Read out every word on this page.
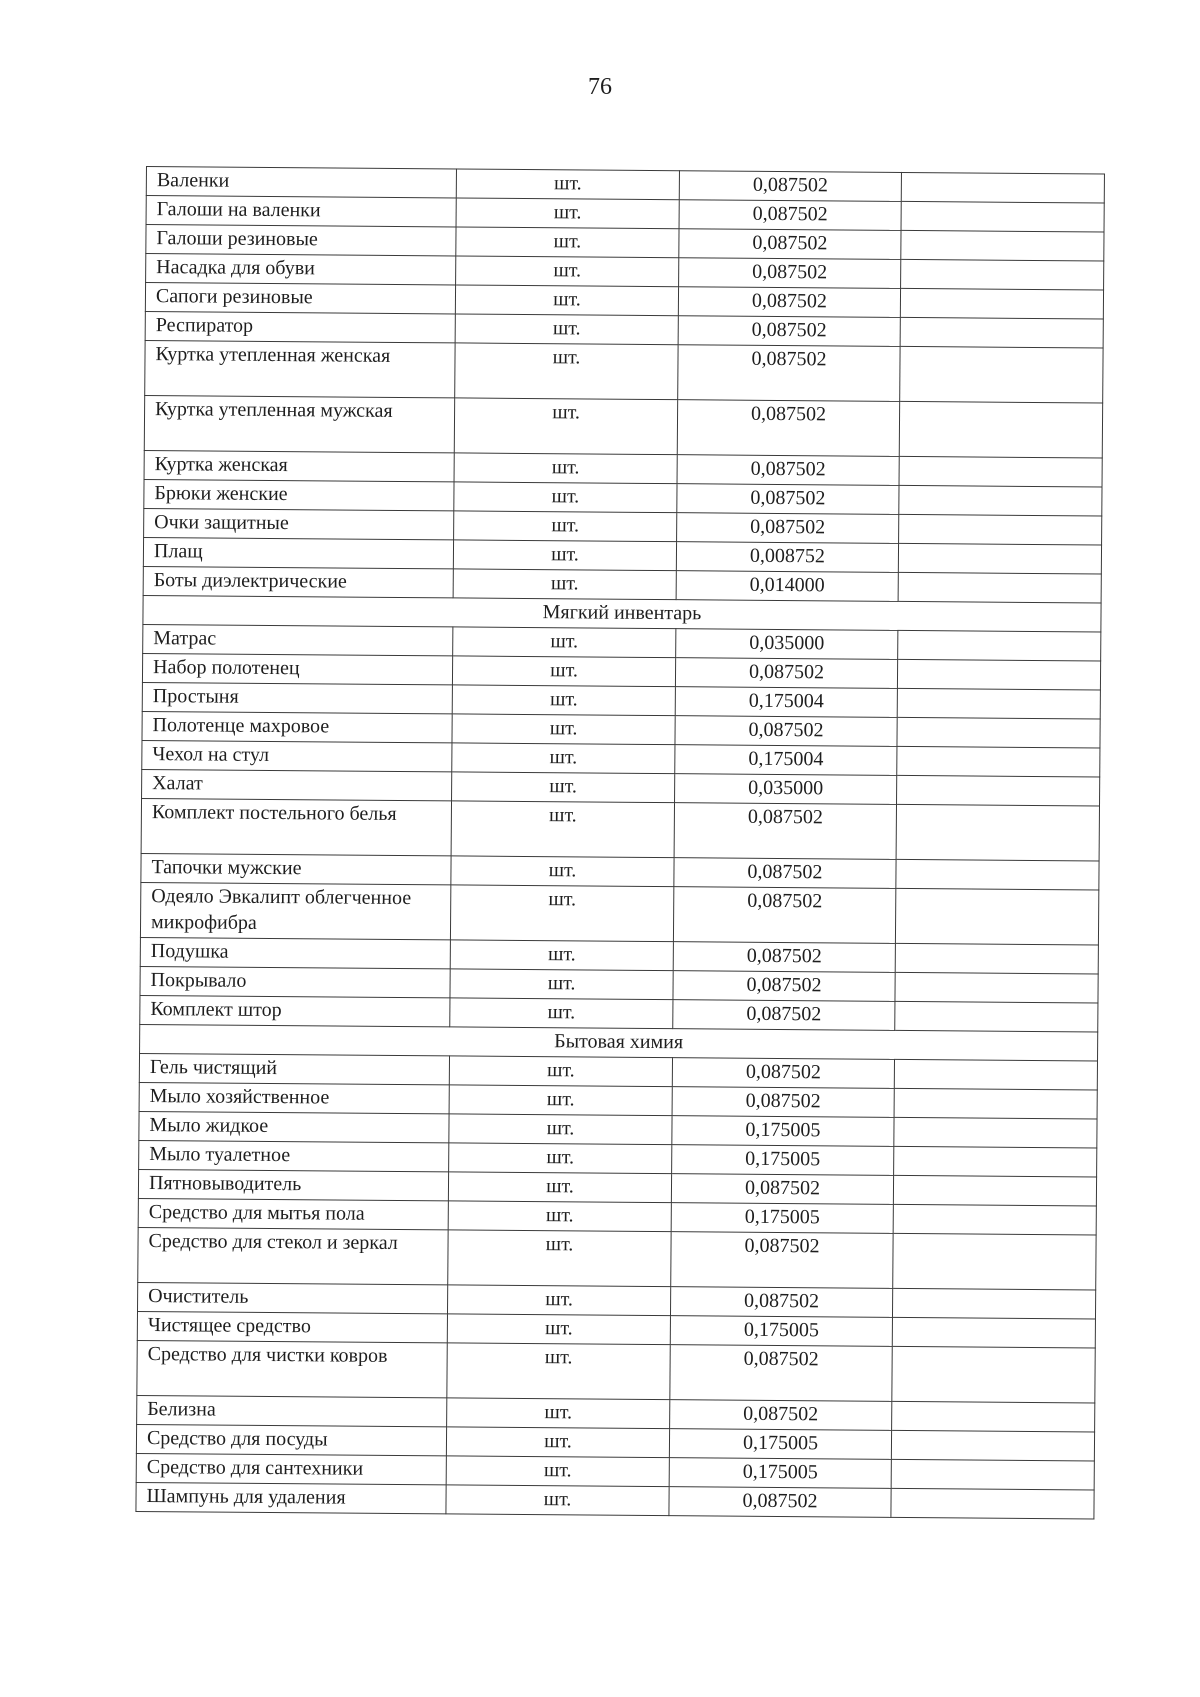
76
Валенки	шт.	0,087502	
Галоши на валенки	шт.	0,087502	
Галоши резиновые	шт.	0,087502	
Насадка для обуви	шт.	0,087502	
Сапоги резиновые	шт.	0,087502	
Респиратор	шт.	0,087502	
Куртка утепленная женская	шт.	0,087502	
Куртка утепленная мужская	шт.	0,087502	
Куртка женская	шт.	0,087502	
Брюки женские	шт.	0,087502	
Очки защитные	шт.	0,087502	
Плащ	шт.	0,008752	
Боты диэлектрические	шт.	0,014000	
Мягкий инвентарь			
Матрас	шт.	0,035000	
Набор полотенец	шт.	0,087502	
Простыня	шт.	0,175004	
Полотенце махровое	шт.	0,087502	
Чехол на стул	шт.	0,175004	
Халат	шт.	0,035000	
Комплект постельного белья	шт.	0,087502	
Тапочки мужские	шт.	0,087502	
Одеяло Эвкалипт облегченное микрофибра	шт.	0,087502	
Подушка	шт.	0,087502	
Покрывало	шт.	0,087502	
Комплект штор	шт.	0,087502	
Бытовая химия			
Гель чистящий	шт.	0,087502	
Мыло хозяйственное	шт.	0,087502	
Мыло жидкое	шт.	0,175005	
Мыло туалетное	шт.	0,175005	
Пятновыводитель	шт.	0,087502	
Средство для мытья пола	шт.	0,175005	
Средство для стекол и зеркал	шт.	0,087502	
Очиститель	шт.	0,087502	
Чистящее средство	шт.	0,175005	
Средство для чистки ковров	шт.	0,087502	
Белизна	шт.	0,087502	
Средство для посуды	шт.	0,175005	
Средство для сантехники	шт.	0,175005	
Шампунь для удаления	шт.	0,087502	
